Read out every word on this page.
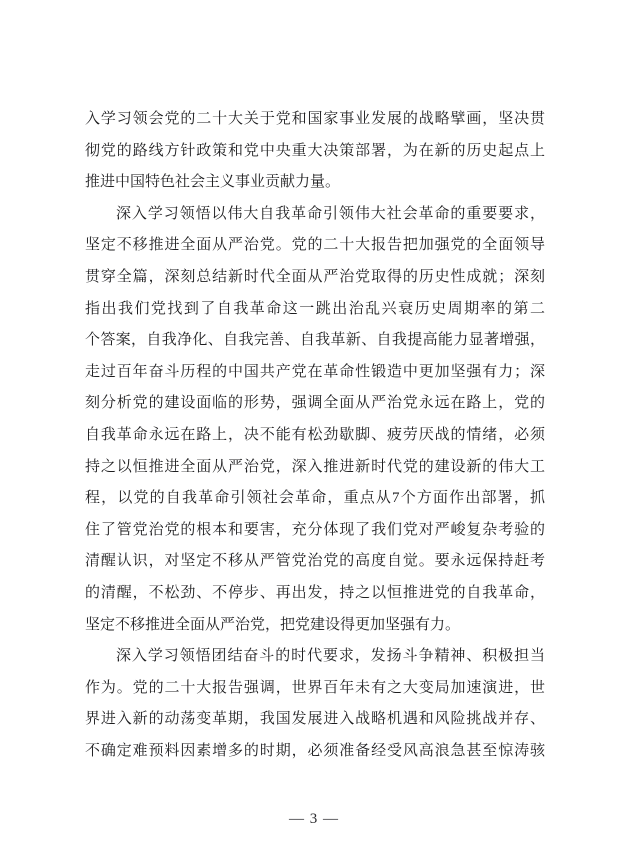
入学习领会党的二十大关于党和国家事业发展的战略擘画，坚决贯
彻党的路线方针政策和党中央重大决策部署，为在新的历史起点上
推进中国特色社会主义事业贡献力量。
深入学习领悟以伟大自我革命引领伟大社会革命的重要要求，
坚定不移推进全面从严治党。党的二十大报告把加强党的全面领导
贯穿全篇，深刻总结新时代全面从严治党取得的历史性成就；深刻
指出我们党找到了自我革命这一跳出治乱兴衰历史周期率的第二
个答案，自我净化、自我完善、自我革新、自我提高能力显著增强，
走过百年奋斗历程的中国共产党在革命性锻造中更加坚强有力；深
刻分析党的建设面临的形势，强调全面从严治党永远在路上，党的
自我革命永远在路上，决不能有松劲歇脚、疲劳厌战的情绪，必须
持之以恒推进全面从严治党，深入推进新时代党的建设新的伟大工
程，以党的自我革命引领社会革命，重点从7个方面作出部署，抓
住了管党治党的根本和要害，充分体现了我们党对严峻复杂考验的
清醒认识，对坚定不移从严管党治党的高度自觉。要永远保持赶考
的清醒，不松劲、不停步、再出发，持之以恒推进党的自我革命，
坚定不移推进全面从严治党，把党建设得更加坚强有力。
深入学习领悟团结奋斗的时代要求，发扬斗争精神、积极担当
作为。党的二十大报告强调，世界百年未有之大变局加速演进，世
界进入新的动荡变革期，我国发展进入战略机遇和风险挑战并存、
不确定难预料因素增多的时期，必须准备经受风高浪急甚至惊涛骇
— 3 —
